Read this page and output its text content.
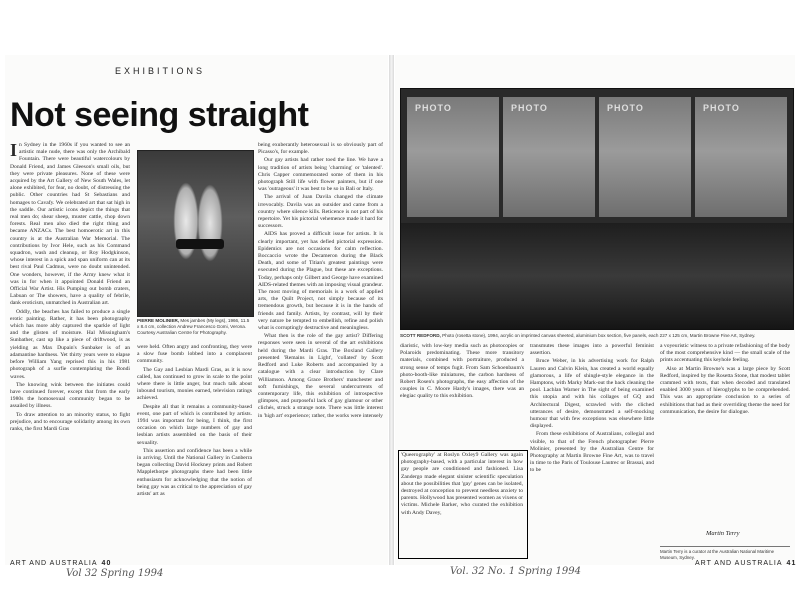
EXHIBITIONS
Not seeing straight

In Sydney in the 1960s if you wanted to see an artistic male nude, there was only the Archibald Fountain. There were beautiful watercolours by Donald Friend, and James Gleeson's small oils, but they were private pleasures. None of these were acquired by the Art Gallery of New South Wales, let alone exhibited, for fear, no doubt, of distressing the public. Other countries had St Sebastians and homages to Cavafy. We celebrated art that sat high in the saddle. Our artistic icons depict the things that real men do; shear sheep, muster cattle, chop down forests. Real men also died the right thing and became ANZACs. The best homoerotic art in this country is at the Australian War Memorial. The contributions by Ivor Hele, such as his Command squadron, wash and cleanup, or Roy Hodgkinson, whose interest in a spick and span uniform can at its best rival Paul Cadmus, were no doubt unintended. One wonders, however, if the Army knew what it was in for when it appointed Donald Friend an Official War Artist. His Pumping out bomb craters, Labuan or The showers, have a quality of febrile, dank eroticism, unmatched in Australian art.

Oddly, the beaches has failed to produce a single erotic painting. Rather, it has been photography which has more ably captured the sparkle of light and the glisten of moisture. Hal Missingham's Sunbather, cast up like a piece of driftwood, is as yielding as Max Dupain's Sunbaker is of an adamantine hardness. Yet thirty years were to elapse before William Yang reprised this in his 1981 photograph of a surfie contemplating the Bondi waves.

The knowing wink between the initiates could have continued forever, except that from the early 1980s the homosexual community began to be assailed by illness.

To draw attention to an minority status, to fight prejudice, and to encourage solidarity among its own ranks, the first Mardi Gras

PIERRE MOLINIER, Mes jambes (My legs), 1966, 11.5 x 8.4 cm, collection Andrew Francesco Gomi, Verona. Courtesy Australian Centre for Photography.

were held. Often angry and confronting, they were a slow fuse bomb lobbed into a complacent community.

The Gay and Lesbian Mardi Gras, as it is now called, has continued to grow in scale to the point where there is little anger, but much talk about inbound tourism, monies earned, television ratings achieved.

Despite all that it remains a community-based event, one part of which is contributed by artists. 1994 was important for being, I think, the first occasion on which large numbers of gay and lesbian artists assembled on the basis of their sexuality.

This assertion and confidence has been a while in arriving. Until the National Gallery in Canberra began collecting David Hockney prints and Robert Mapplethorpe photographs there had been little enthusiasm for acknowledging that the notion of being gay was as critical to the appreciation of gay artists' art as

being exuberantly heterosexual is so obviously part of Picasso's, for example.

Our gay artists had rather toed the line. We have a long tradition of artists being 'charming' or 'talented'. Chris Capper commemorated some of them in his photograph Still life with flower painters, but if one was 'outrageous' it was best to be so in Bali or Italy.

The arrival of Juan Davila changed the climate irrevocably. Davila was an outsider and came from a country where silence kills. Reticence is not part of his repertoire. Yet his pictorial vehemence made it hard for successors.

AIDS has proved a difficult issue for artists. It is clearly important, yet has defied pictorial expression. Epidemics are not occasions for calm reflection. Boccaccio wrote the Decameron during the Black Death, and some of Titian's greatest paintings were executed during the Plague, but these are exceptions. Today, perhaps only Gilbert and George have examined AIDS-related themes with an imposing visual grandeur. The most moving of memorials is a work of applied arts, the Quilt Project, not simply because of its tremendous growth, but because it is in the hands of friends and family. Artists, by contrast, will by their very nature be tempted to embellish, refine and polish what is corruptingly destructive and meaningless.

What then is the role of the gay artist? Differing responses were seen in several of the art exhibitions held during the Mardi Gras. The Boxland Gallery presented 'Remains in Light', 'collated' by Scott Redford and Luke Roberts and accompanied by a catalogue with a clear introduction by Clare Williamson. Among Grace Brothers' manchester and soft furnishings, the several undercurrents of contemporary life, this exhibition of introspective glimpses, and purposeful lack of gay glamour or other clichés, struck a strange note. There was little interest in 'high art' experience; rather, the works were intensely

PHOTO	PHOTO	PHOTO	PHOTO
SCOTT REDFORD, Photo (rosetta stone), 1994, acrylic on imprinted canvas sheeted, aluminium box section, five panels, each 227 x 125 cm, Martin Browne Fine Art, Sydney.

diaristic, with low-key media such as photocopies or Polaroids predominating. These more transitory materials, combined with portraiture, produced a strong sense of temps fugit. From Sam Schoenbaum's photo-booth-like miniatures, the carbon hardness of Robert Rosen's photographs, the easy affection of the couples in C. Moore Hardy's images, there was an elegiac quality to this exhibition.

'Queerography' at Roslyn Oxley9 Gallery was again photography-based, with a particular interest in how gay people are conditioned and fashioned. Lisa Zandergo made elegant sinister scientific speculation about the possibilities that 'gay' genes can be isolated, destroyed at conception to prevent needless anxiety to parents. Hollywood has presented women as vixens or victims. Michele Barker, who curated the exhibition with Andy Davey,

transmutes these images into a powerful feminist assertion.

Bruce Weber, in his advertising work for Ralph Lauren and Calvin Klein, has created a world equally glamorous, a life of shingle-style elegance in the Hamptons, with Marky Mark-out the back cleaning the pool. Lachlan Warner in The sight of being examined this utopia and with his collages of GQ and Architectural Digest, scrawled with the cliched utterances of desire, demonstrated a self-mocking humour that with few exceptions was elsewhere little displayed.

From these exhibitions of Australians, collegial and visible, to that of the French photographer Pierre Molinier, presented by the Australian Centre for Photography at Martin Browne Fine Art, was to travel in time to the Paris of Toulouse Lautrec or Brassai, and to be

a voyeuristic witness to a private refashioning of the body of the most comprehensive kind — the small scale of the prints accentuating this keyhole feeling.

Also at Martin Browne's was a large piece by Scott Redford, inspired by the Rosetta Stone, that modest tablet crammed with texts, that when decoded and translated enabled 3000 years of hieroglyphs to be comprehended. This was an appropriate conclusion to a series of exhibitions that had as their overriding theme the need for communication, the desire for dialogue.

Martin Terry
Martin Terry is a curator at the Australian National Maritime Museum, Sydney.
ART AND AUSTRALIA 40	ART AND AUSTRALIA 41
Vol 32 Spring 1994	Vol. 32 No. 1 Spring 1994
